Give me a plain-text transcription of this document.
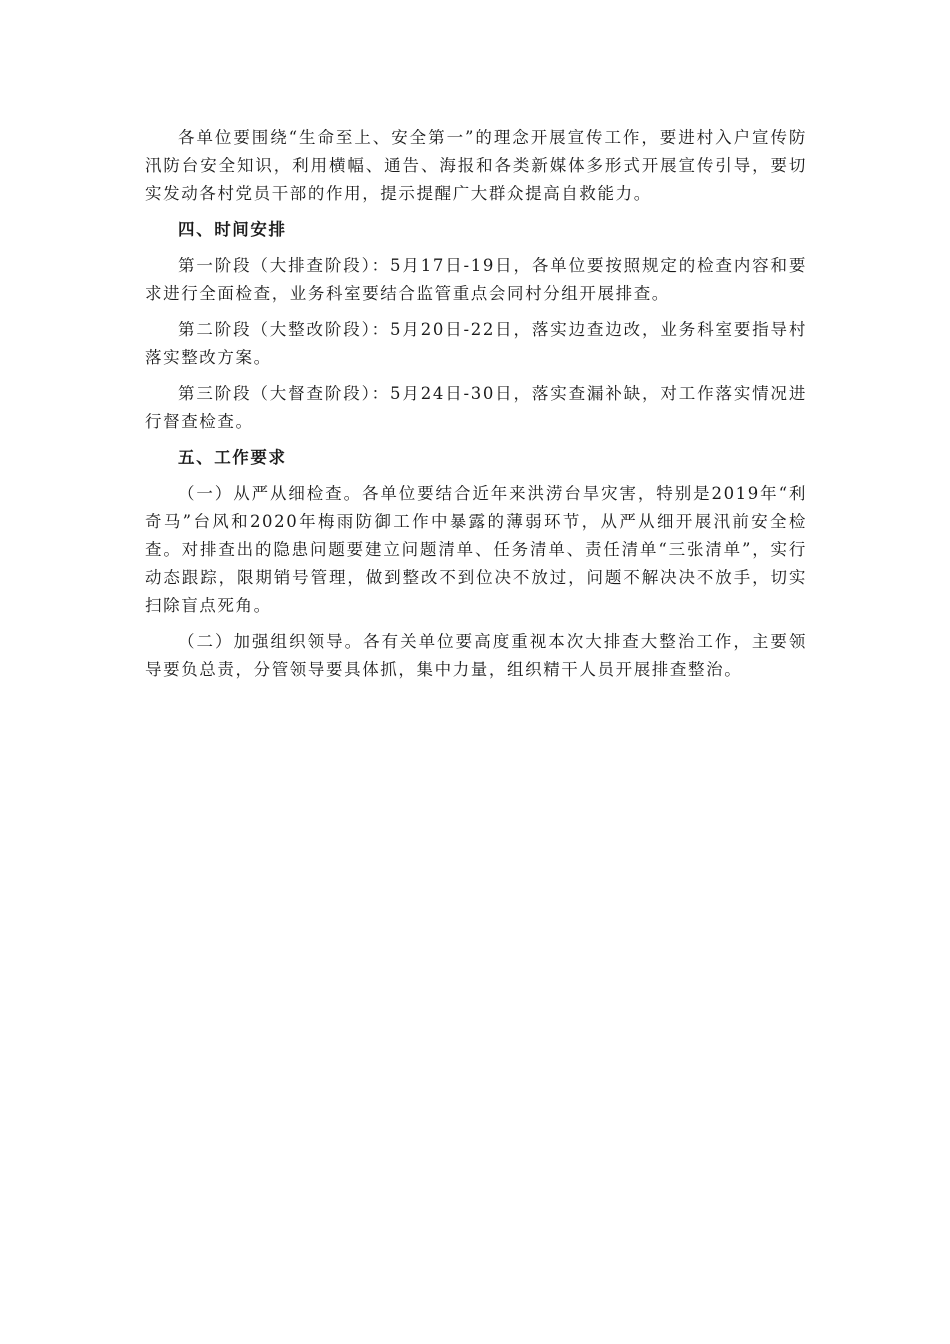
各单位要围绕“生命至上、安全第一”的理念开展宣传工作，要进村入户宣传防汛防台安全知识，利用横幅、通告、海报和各类新媒体多形式开展宣传引导，要切实发动各村党员干部的作用，提示提醒广大群众提高自救能力。

四、时间安排

第一阶段（大排查阶段）：5月17日-19日，各单位要按照规定的检查内容和要求进行全面检查，业务科室要结合监管重点会同村分组开展排查。

第二阶段（大整改阶段）：5月20日-22日，落实边查边改，业务科室要指导村落实整改方案。

第三阶段（大督查阶段）：5月24日-30日，落实查漏补缺，对工作落实情况进行督查检查。

五、工作要求

（一）从严从细检查。各单位要结合近年来洪涝台旱灾害，特别是2019年“利奇马”台风和2020年梅雨防御工作中暴露的薄弱环节，从严从细开展汛前安全检查。对排查出的隐患问题要建立问题清单、任务清单、责任清单“三张清单”，实行动态跟踪，限期销号管理，做到整改不到位决不放过，问题不解决决不放手，切实扫除盲点死角。

（二）加强组织领导。各有关单位要高度重视本次大排查大整治工作，主要领导要负总责，分管领导要具体抓，集中力量，组织精干人员开展排查整治。
